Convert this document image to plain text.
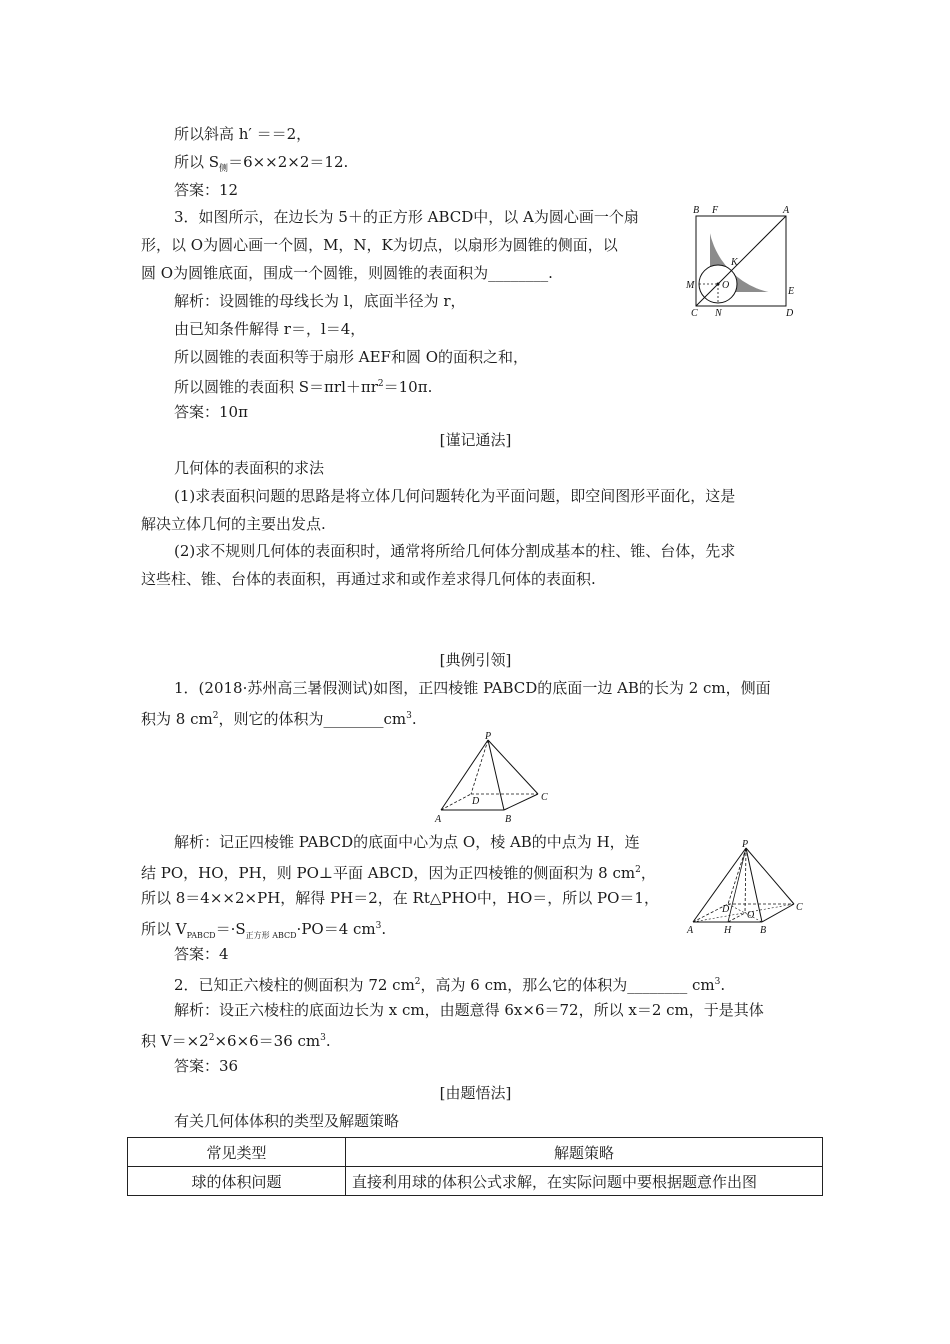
所以斜高 h′ ＝＝2，
所以 $S_侧=6\times\times 2\times 2=12$.
答案：12
3．如图所示，在边长为 5＋的正方形 ABCD中，以 A为圆心画一个扇
形，以 O为圆心画一个圆，M，N，K为切点，以扇形为圆锥的侧面，以
圆 O为圆锥底面，围成一个圆锥，则圆锥的表面积为________.
解析：设圆锥的母线长为 l，底面半径为 r，
由已知条件解得 r＝，l＝4，
所以圆锥的表面积等于扇形 AEF和圆 O的面积之和，
所以圆锥的表面积 $S=\pi rl+\pi r^2=10\pi$.
答案：10π
B F	A
K
M	O
E
C N	D
[谨记通法]
几何体的表面积的求法
(1)求表面积问题的思路是将立体几何问题转化为平面问题，即空间图形平面化，这是
解决立体几何的主要出发点.
(2)求不规则几何体的表面积时，通常将所给几何体分割成基本的柱、锥、台体，先求
这些柱、锥、台体的表面积，再通过求和或作差求得几何体的表面积.
[典例引领]
1．(2018·苏州高三暑假测试)如图，正四棱锥 PABCD的底面一边 AB的长为 2 cm，侧面
积为 8 $cm^2$，则它的体积为$\_\_\_\_\_\_\_\_cm^3$.
P
D	C
A	B
解析：记正四棱锥 PABCD的底面中心为点 O，棱 AB的中点为 H，连
结 PO，HO，PH，则 PO⊥平面 ABCD，因为正四棱锥的侧面积为 8 $cm^2$，
所以 8＝4××2×PH，解得 PH＝2，在 Rt△PHO中，HO＝，所以 PO＝1，
所以 $V_{PABCD}=\cdot S_{正方形 ABCD}\cdot PO=4$ $cm^3$.
答案：4
P
D
O
C
A	H	B
2．已知正六棱柱的侧面积为 72 $cm^2$，高为 6 cm，那么它的体积为________ $cm^3$.
解析：设正六棱柱的底面边长为 x cm，由题意得 6x×6＝72，所以 x＝2 cm，于是其体
积 $V=\times 2^2\times 6\times 6=36$ $cm^3$.
答案：36
[由题悟法]
有关几何体体积的类型及解题策略
常见类型	解题策略
球的体积问题	直接利用球的体积公式求解，在实际问题中要根据题意作出图
